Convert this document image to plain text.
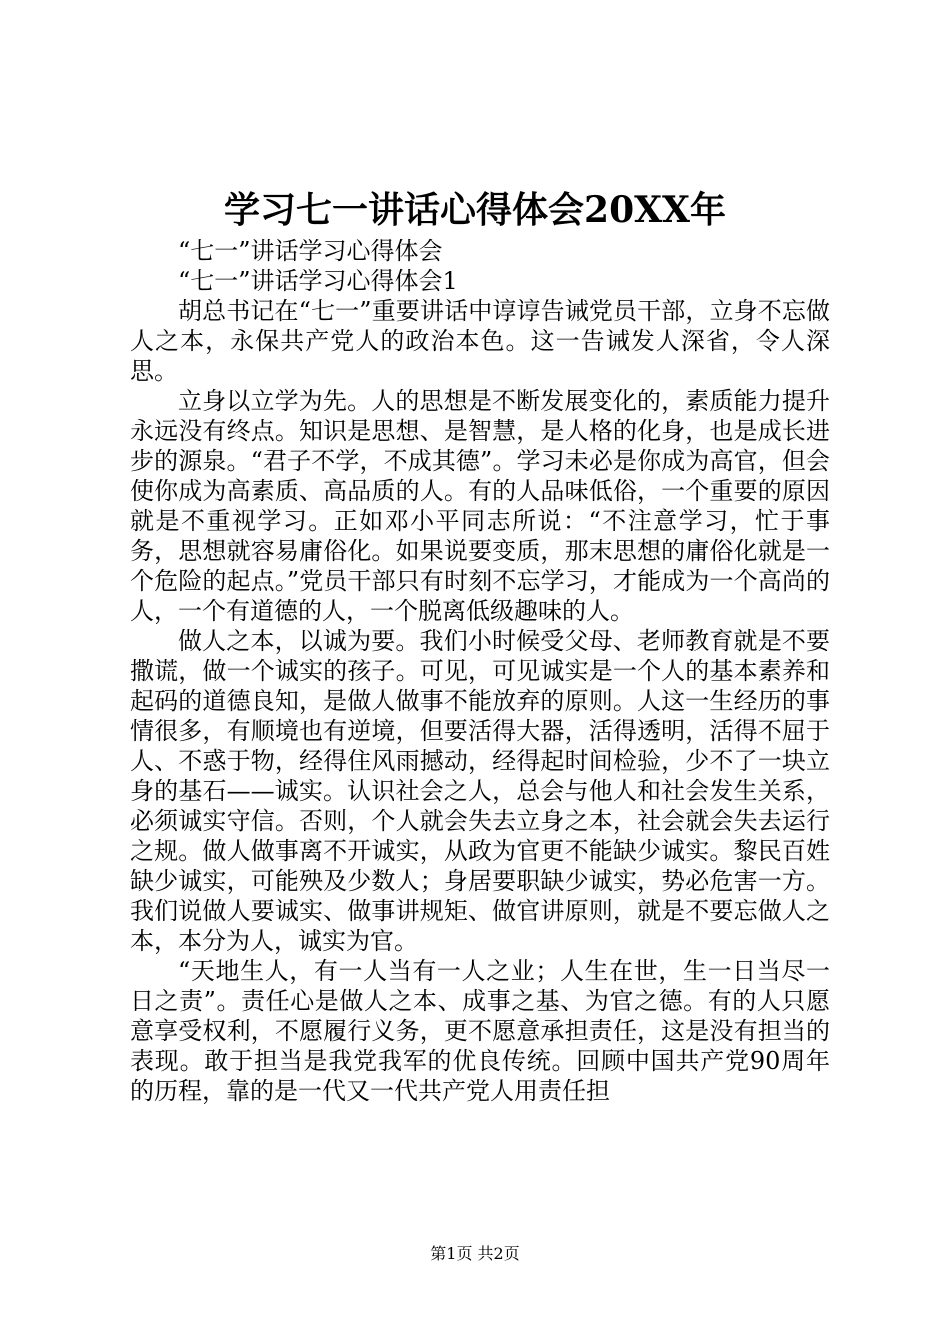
学习七一讲话心得体会20XX年

“七一”讲话学习心得体会

“七一”讲话学习心得体会1

胡总书记在“七一”重要讲话中谆谆告诫党员干部，立身不忘做人之本，永保共产党人的政治本色。这一告诫发人深省，令人深思。

立身以立学为先。人的思想是不断发展变化的，素质能力提升永远没有终点。知识是思想、是智慧，是人格的化身，也是成长进步的源泉。“君子不学，不成其德”。学习未必是你成为高官，但会使你成为高素质、高品质的人。有的人品味低俗，一个重要的原因就是不重视学习。正如邓小平同志所说：“不注意学习，忙于事务，思想就容易庸俗化。如果说要变质，那末思想的庸俗化就是一个危险的起点。”党员干部只有时刻不忘学习，才能成为一个高尚的人，一个有道德的人，一个脱离低级趣味的人。

做人之本，以诚为要。我们小时候受父母、老师教育就是不要撒谎，做一个诚实的孩子。可见，可见诚实是一个人的基本素养和起码的道德良知，是做人做事不能放弃的原则。人这一生经历的事情很多，有顺境也有逆境，但要活得大器，活得透明，活得不屈于人、不惑于物，经得住风雨撼动，经得起时间检验，少不了一块立身的基石——诚实。认识社会之人，总会与他人和社会发生关系，必须诚实守信。否则，个人就会失去立身之本，社会就会失去运行之规。做人做事离不开诚实，从政为官更不能缺少诚实。黎民百姓缺少诚实，可能殃及少数人；身居要职缺少诚实，势必危害一方。我们说做人要诚实、做事讲规矩、做官讲原则，就是不要忘做人之本，本分为人，诚实为官。

“天地生人，有一人当有一人之业；人生在世，生一日当尽一日之责”。责任心是做人之本、成事之基、为官之德。有的人只愿意享受权利，不愿履行义务，更不愿意承担责任，这是没有担当的表现。敢于担当是我党我军的优良传统。回顾中国共产党90周年的历程，靠的是一代又一代共产党人用责任担

第1页 共2页
